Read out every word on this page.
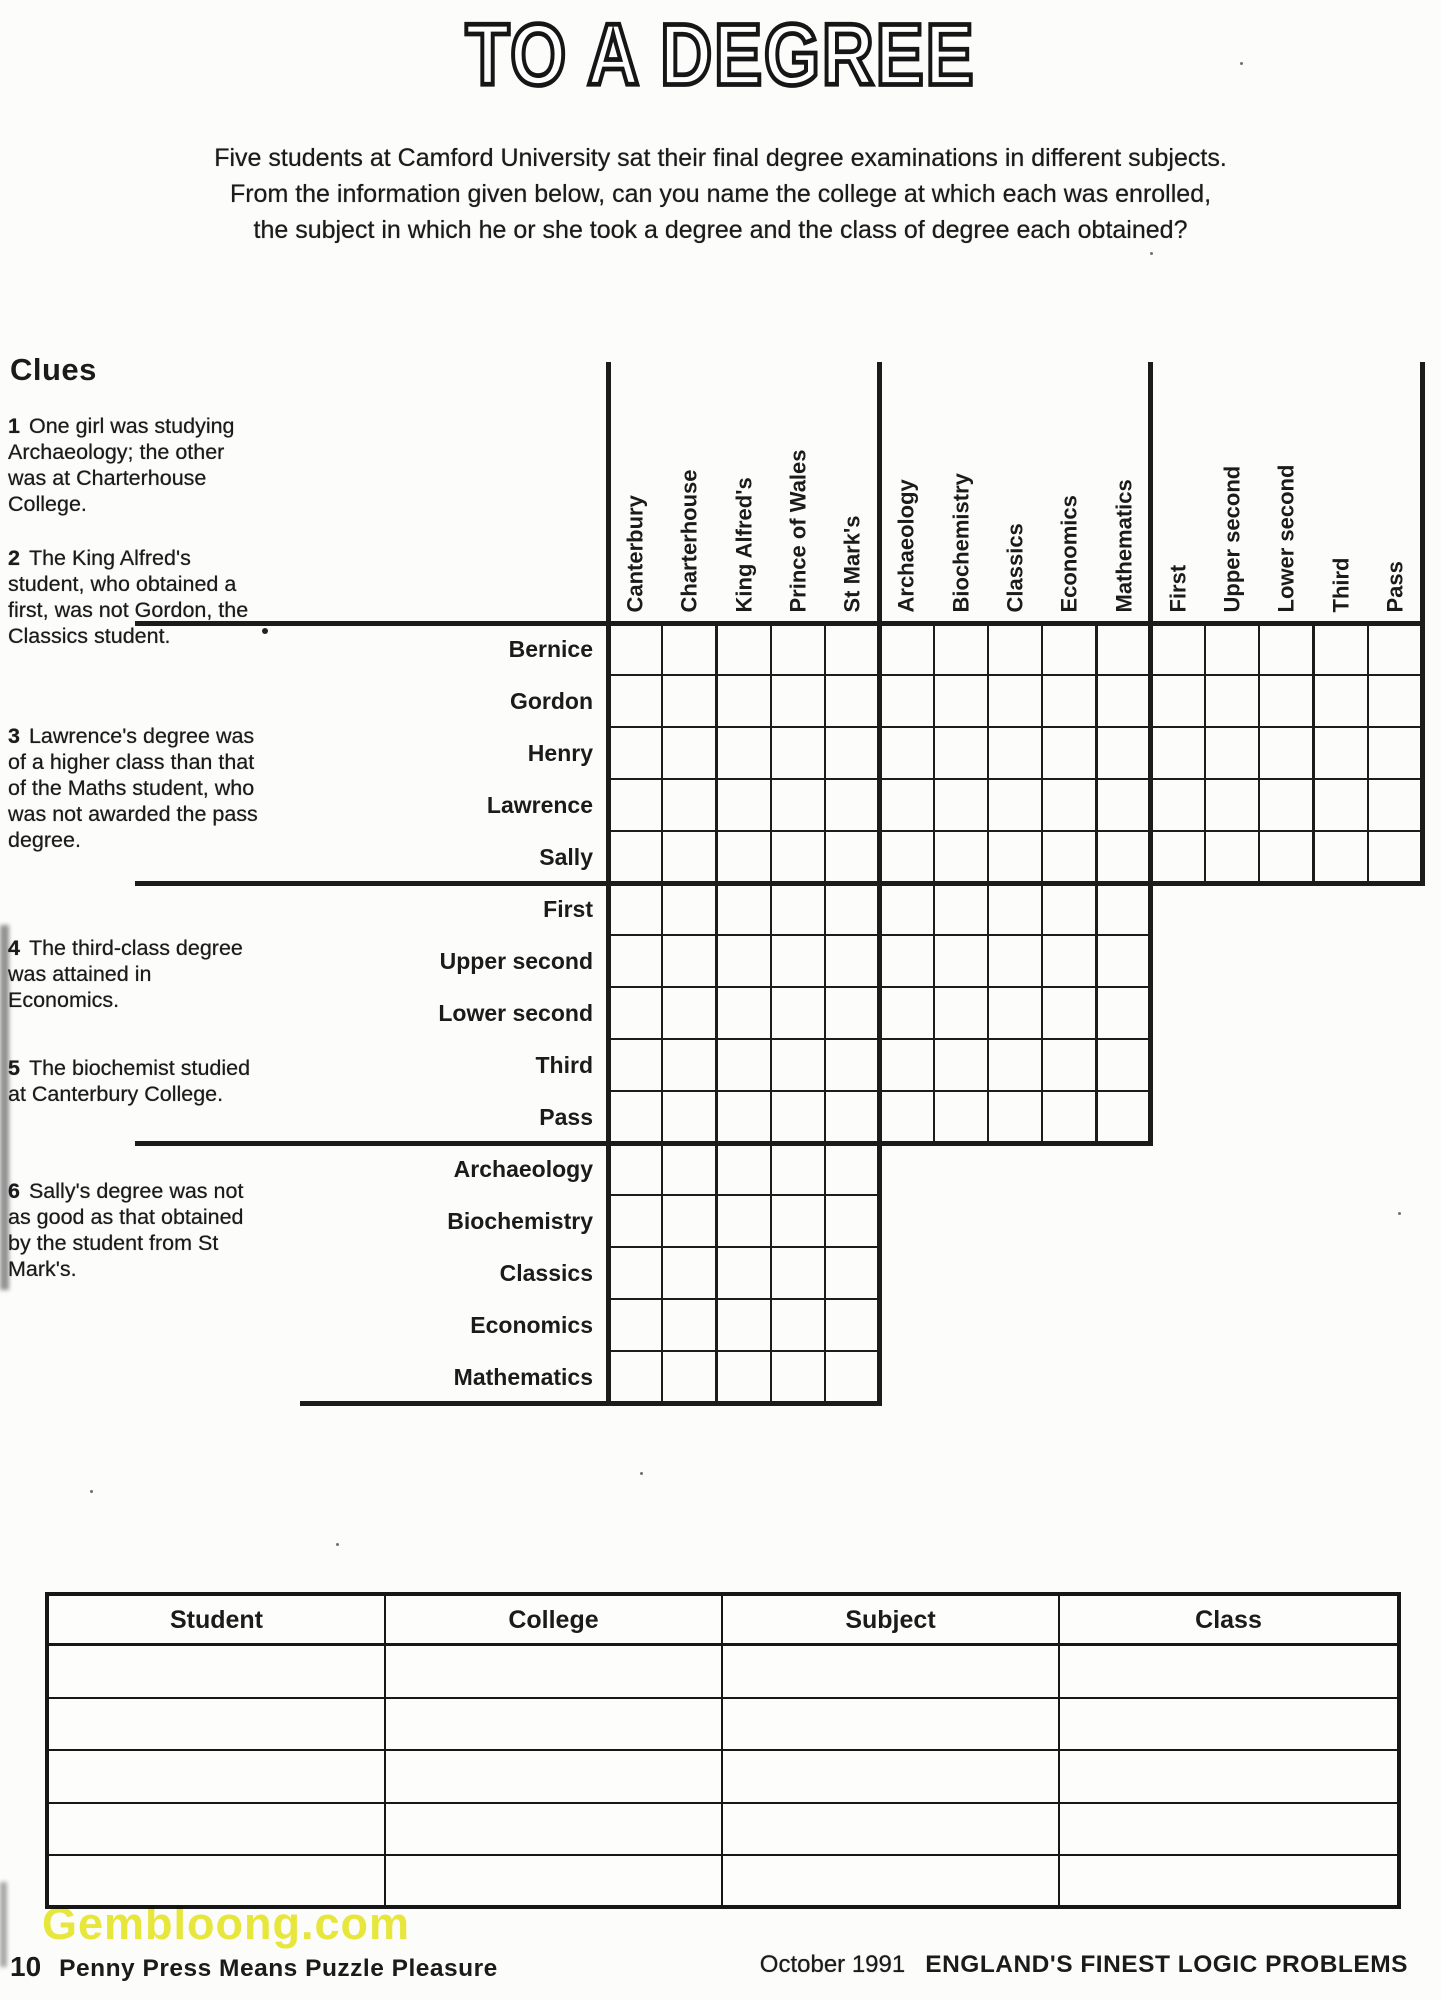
TO A DEGREE
Five students at Camford University sat their final degree examinations in different subjects.
From the information given below, can you name the college at which each was enrolled,
the subject in which he or she took a degree and the class of degree each obtained?
Clues
1 One girl was studying Archaeology; the other was at Charterhouse College.
2 The King Alfred's student, who obtained a first, was not Gordon, the Classics student.
3 Lawrence's degree was of a higher class than that of the Maths student, who was not awarded the pass degree.
4 The third-class degree was attained in Economics.
5 The biochemist studied at Canterbury College.
6 Sally's degree was not as good as that obtained by the student from St Mark's.
Student	College	Subject	Class
Gembloong.com
10 Penny Press Means Puzzle Pleasure	October 1991 ENGLAND'S FINEST LOGIC PROBLEMS
Canterbury	Charterhouse	King Alfred's	Prince of Wales	St Mark's	Archaeology	Biochemistry	Classics	Economics	Mathematics	First	Upper second	Lower second	Third	Pass
Bernice
Gordon
Henry
Lawrence
Sally
First
Upper second
Lower second
Third
Pass
Archaeology
Biochemistry
Classics
Economics
Mathematics
